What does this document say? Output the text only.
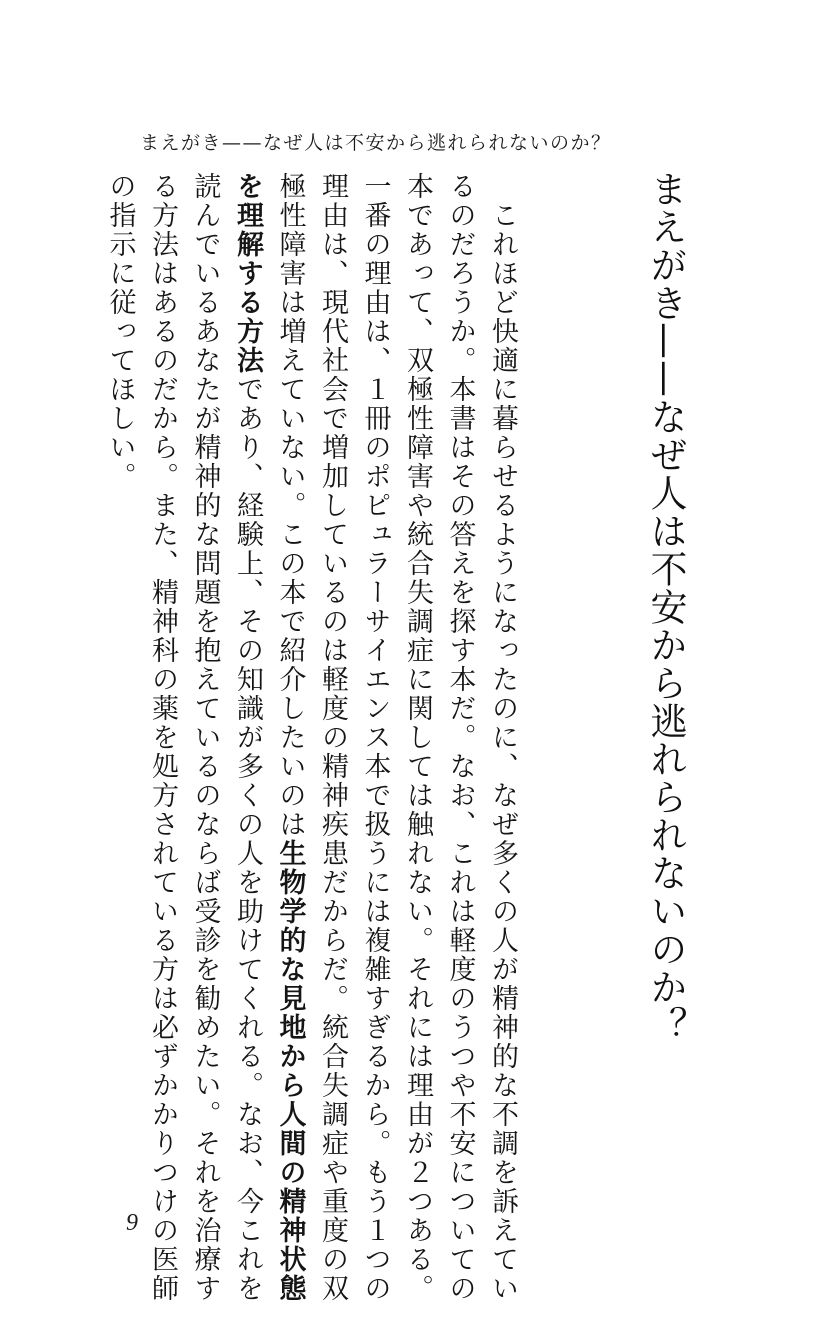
まえがき——なぜ人は不安から逃れられないのか？
まえがき——なぜ人は不安から逃れられないのか？
　これほど快適に暮らせるようになったのに、なぜ多くの人が精神的な不調を訴えてい
るのだろうか。本書はその答えを探す本だ。なお、これは軽度のうつや不安についての
本であって、双極性障害や統合失調症に関しては触れない。それには理由が２つある。
一番の理由は、１冊のポピュラーサイエンス本で扱うには複雑すぎるから。もう１つの
理由は、現代社会で増加しているのは軽度の精神疾患だからだ。統合失調症や重度の双
極性障害は増えていない。この本で紹介したいのは生物学的な見地から人間の精神状態
を理解する方法であり、経験上、その知識が多くの人を助けてくれる。なお、今これを
読んでいるあなたが精神的な問題を抱えているのならば受診を勧めたい。それを治療す
る方法はあるのだから。また、精神科の薬を処方されている方は必ずかかりつけの医師
の指示に従ってほしい。
9
